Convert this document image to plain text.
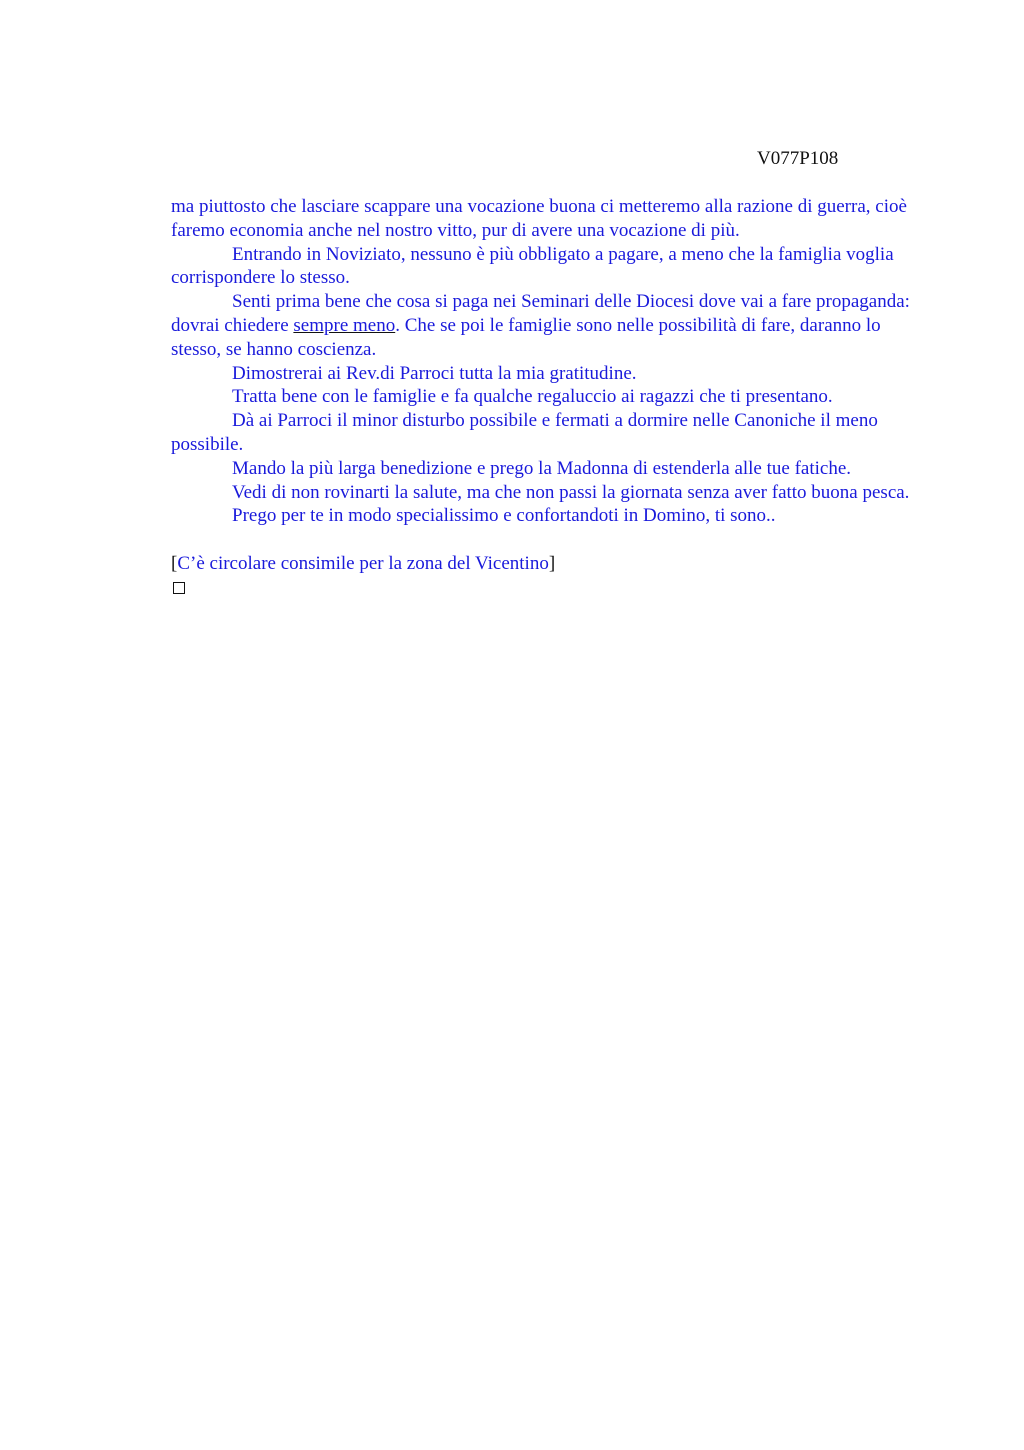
V077P108

ma piuttosto che lasciare scappare una vocazione buona ci metteremo alla razione di guerra, cioè faremo economia anche nel nostro vitto, pur di avere una vocazione di più.

Entrando in Noviziato, nessuno è più obbligato a pagare, a meno che la famiglia voglia corrispondere lo stesso.

Senti prima bene che cosa si paga nei Seminari delle Diocesi dove vai a fare propaganda: dovrai chiedere sempre meno. Che se poi le famiglie sono nelle possibilità di fare, daranno lo stesso, se hanno coscienza.

Dimostrerai ai Rev.di Parroci tutta la mia gratitudine.

Tratta bene con le famiglie e fa qualche regaluccio ai ragazzi che ti presentano.

Dà ai Parroci il minor disturbo possibile e fermati a dormire nelle Canoniche il meno possibile.

Mando la più larga benedizione e prego la Madonna di estenderla alle tue fatiche.

Vedi di non rovinarti la salute, ma che non passi la giornata senza aver fatto buona pesca.

Prego per te in modo specialissimo e confortandoti in Domino, ti sono..

[C’è circolare consimile per la zona del Vicentino]
